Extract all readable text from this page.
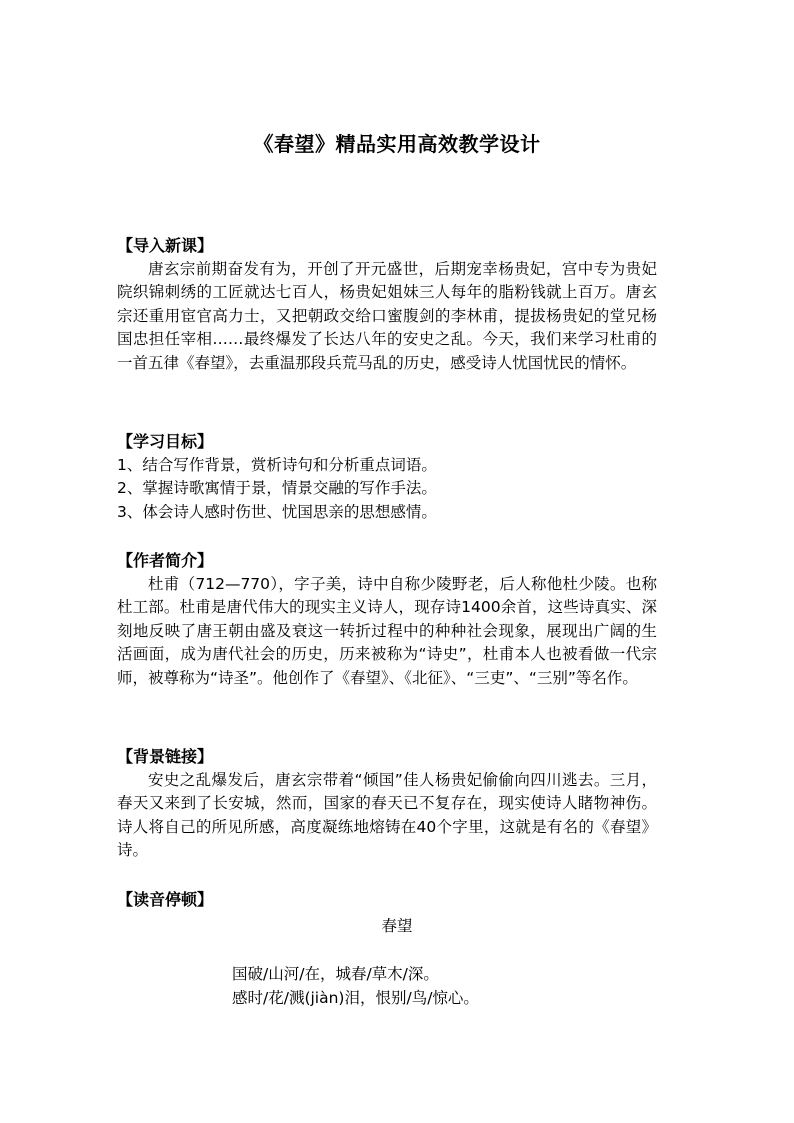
《春望》精品实用高效教学设计
【导入新课】
唐玄宗前期奋发有为，开创了开元盛世，后期宠幸杨贵妃，宫中专为贵妃院织锦刺绣的工匠就达七百人，杨贵妃姐妹三人每年的脂粉钱就上百万。唐玄宗还重用宦官高力士，又把朝政交给口蜜腹剑的李林甫，提拔杨贵妃的堂兄杨国忠担任宰相……最终爆发了长达八年的安史之乱。今天，我们来学习杜甫的一首五律《春望》，去重温那段兵荒马乱的历史，感受诗人忧国忧民的情怀。
【学习目标】
1、结合写作背景，赏析诗句和分析重点词语。
2、掌握诗歌寓情于景，情景交融的写作手法。
3、体会诗人感时伤世、忧国思亲的思想感情。
【作者简介】
杜甫（712—770），字子美，诗中自称少陵野老，后人称他杜少陵。也称杜工部。杜甫是唐代伟大的现实主义诗人，现存诗1400余首，这些诗真实、深刻地反映了唐王朝由盛及衰这一转折过程中的种种社会现象，展现出广阔的生活画面，成为唐代社会的历史，历来被称为“诗史”，杜甫本人也被看做一代宗师，被尊称为“诗圣”。他创作了《春望》、《北征》、“三吏”、“三别”等名作。
【背景链接】
安史之乱爆发后，唐玄宗带着“倾国”佳人杨贵妃偷偷向四川逃去。三月，春天又来到了长安城，然而，国家的春天已不复存在，现实使诗人睹物神伤。诗人将自己的所见所感，高度凝练地熔铸在40个字里，这就是有名的《春望》诗。
【读音停顿】
春望
国破/山河/在，城春/草木/深。
感时/花/溅(jiàn)泪，恨别/鸟/惊心。
